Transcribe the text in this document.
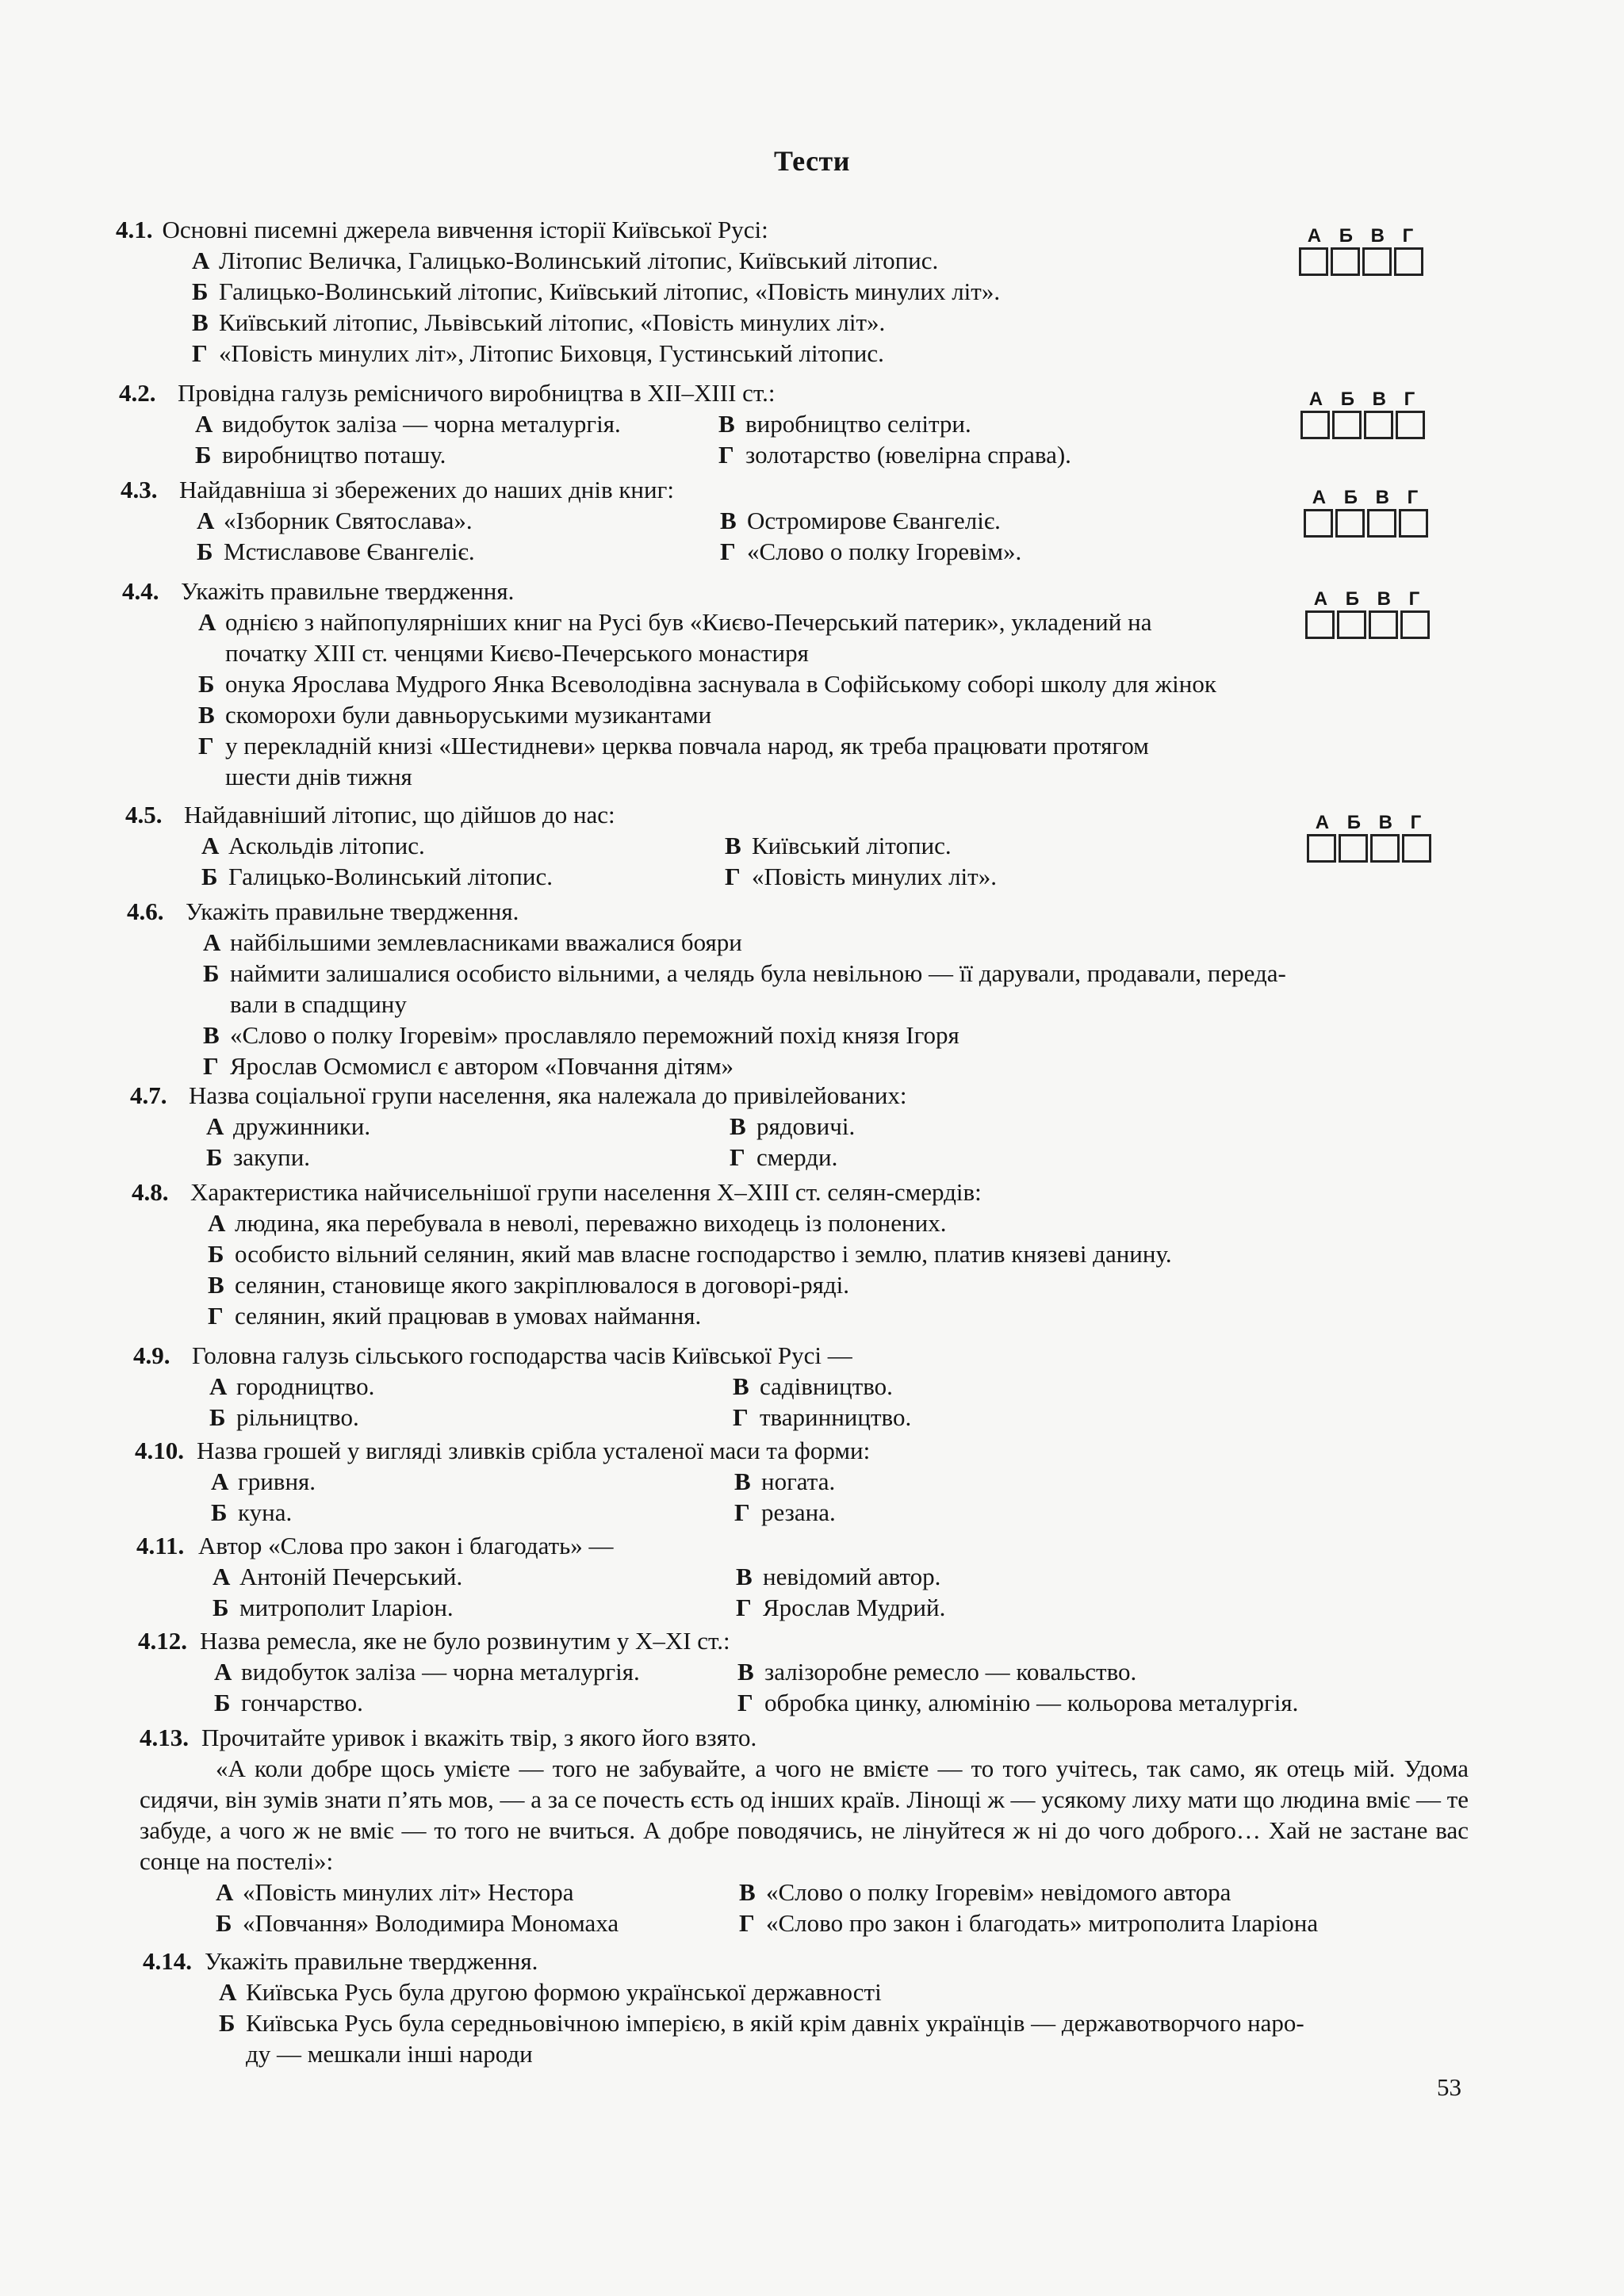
Тести
4.1. Основні писемні джерела вивчення історії Київської Русі:
А Літопис Величка, Галицько-Волинський літопис, Київський літопис.
Б Галицько-Волинський літопис, Київський літопис, «Повість минулих літ».
В Київський літопис, Львівський літопис, «Повість минулих літ».
Г «Повість минулих літ», Літопис Биховця, Густинський літопис.
А Б В Г
4.2. Провідна галузь ремісничого виробництва в XII–XIII ст.:
А видобуток заліза — чорна металургія.	В виробництво селітри.
Б виробництво поташу.	Г золотарство (ювелірна справа).
А Б В Г
4.3. Найдавніша зі збережених до наших днів книг:
А «Ізборник Святослава».	В Остромирове Євангеліє.
Б Мстиславове Євангеліє.	Г «Слово о полку Ігоревім».
А Б В Г
4.4. Укажіть правильне твердження.
А однією з найпопулярніших книг на Русі був «Києво-Печерський патерик», укладений на
початку XIII ст. ченцями Києво-Печерського монастиря
Б онука Ярослава Мудрого Янка Всеволодівна заснувала в Софійському соборі школу для жінок
В скоморохи були давньоруськими музикантами
Г у перекладній книзі «Шестидневи» церква повчала народ, як треба працювати протягом
шести днів тижня
А Б В Г
4.5. Найдавніший літопис, що дійшов до нас:
А Аскольдів літопис.	В Київський літопис.
Б Галицько-Волинський літопис.	Г «Повість минулих літ».
А Б В Г
4.6. Укажіть правильне твердження.
А найбільшими землевласниками вважалися бояри
Б наймити залишалися особисто вільними, а челядь була невільною — її дарували, продавали, переда-
вали в спадщину
В «Слово о полку Ігоревім» прославляло переможний похід князя Ігоря
Г Ярослав Осмомисл є автором «Повчання дітям»
4.7. Назва соціальної групи населення, яка належала до привілейованих:
А дружинники.	В рядовичі.
Б закупи.	Г смерди.
4.8. Характеристика найчисельнішої групи населення X–XIII ст. селян-смердів:
А людина, яка перебувала в неволі, переважно виходець із полонених.
Б особисто вільний селянин, який мав власне господарство і землю, платив князеві данину.
В селянин, становище якого закріплювалося в договорі-ряді.
Г селянин, який працював в умовах наймання.
4.9. Головна галузь сільського господарства часів Київської Русі —
А городництво.	В садівництво.
Б рільництво.	Г тваринництво.
4.10. Назва грошей у вигляді зливків срібла усталеної маси та форми:
А гривня.	В ногата.
Б куна.	Г резана.
4.11. Автор «Слова про закон і благодать» —
А Антоній Печерський.	В невідомий автор.
Б митрополит Іларіон.	Г Ярослав Мудрий.
4.12. Назва ремесла, яке не було розвинутим у X–XI ст.:
А видобуток заліза — чорна металургія.	В залізоробне ремесло — ковальство.
Б гончарство.	Г обробка цинку, алюмінію — кольорова металургія.
4.13. Прочитайте уривок і вкажіть твір, з якого його взято.
«А коли добре щось умієте — того не забувайте, а чого не вмієте — то того учітесь, так само, як отець мій. Удома сидячи, він зумів знати п’ять мов, — а за се почесть єсть од інших країв. Лінощі ж — усякому лиху мати що людина вміє — те забуде, а чого ж не вміє — то того не вчиться. А добре поводячись, не лінуйтеся ж ні до чого доброго… Хай не застане вас сонце на постелі»:
А «Повість минулих літ» Нестора	В «Слово о полку Ігоревім» невідомого автора
Б «Повчання» Володимира Мономаха	Г «Слово про закон і благодать» митрополита Іларіона
4.14. Укажіть правильне твердження.
А Київська Русь була другою формою української державності
Б Київська Русь була середньовічною імперією, в якій крім давніх українців — державотворчого наро-
ду — мешкали інші народи
53
